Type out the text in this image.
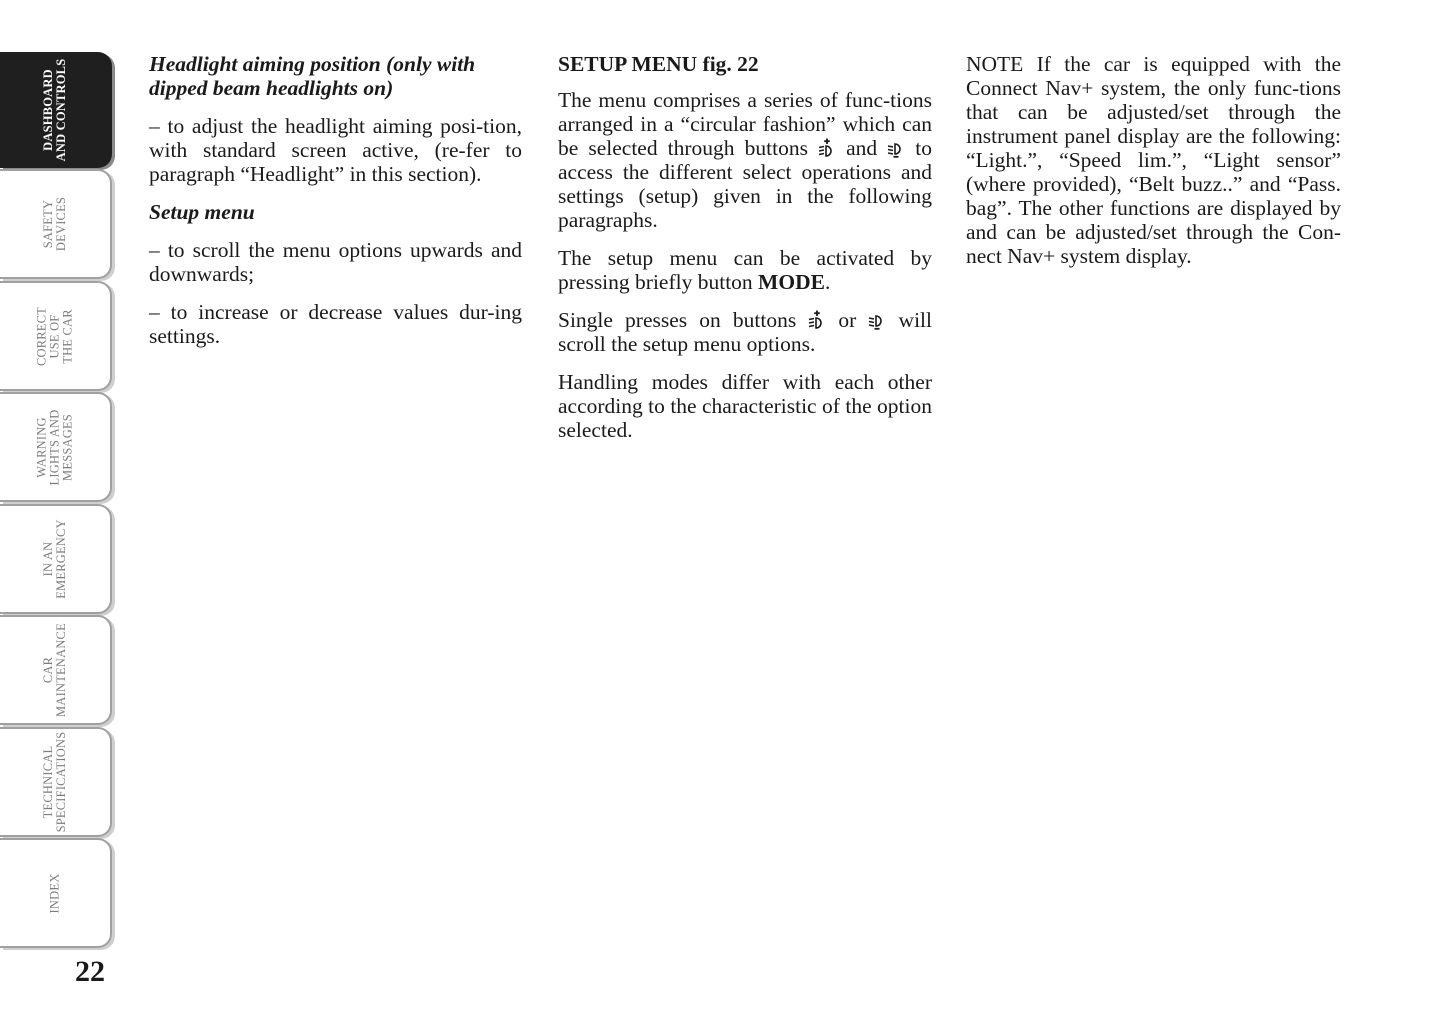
DASHBOARD
AND CONTROLS
SAFETY
DEVICES
CORRECT
USE OF
THE CAR
WARNING
LIGHTS AND
MESSAGES
IN AN
EMERGENCY
CAR
MAINTENANCE
TECHNICAL
SPECIFICATIONS
INDEX
22

Headlight aiming position (only with dipped beam headlights on)

– to adjust the headlight aiming posi-tion, with standard screen active, (re-fer to paragraph “Headlight” in this section).

Setup menu

– to scroll the menu options upwards and downwards;

– to increase or decrease values dur-ing settings.

SETUP MENU fig. 22

The menu comprises a series of func-tions arranged in a “circular fashion” which can be selected through buttons and to access the different select operations and settings (setup) given in the following paragraphs.

The setup menu can be activated by pressing briefly button MODE.

Single presses on buttons or will scroll the setup menu options.

Handling modes differ with each other according to the characteristic of the option selected.

NOTE If the car is equipped with the Connect Nav+ system, the only func-tions that can be adjusted/set through the instrument panel display are the following: “Light.”, “Speed lim.”, “Light sensor” (where provided), “Belt buzz..” and “Pass. bag”. The other functions are displayed by and can be adjusted/set through the Con-nect Nav+ system display.
